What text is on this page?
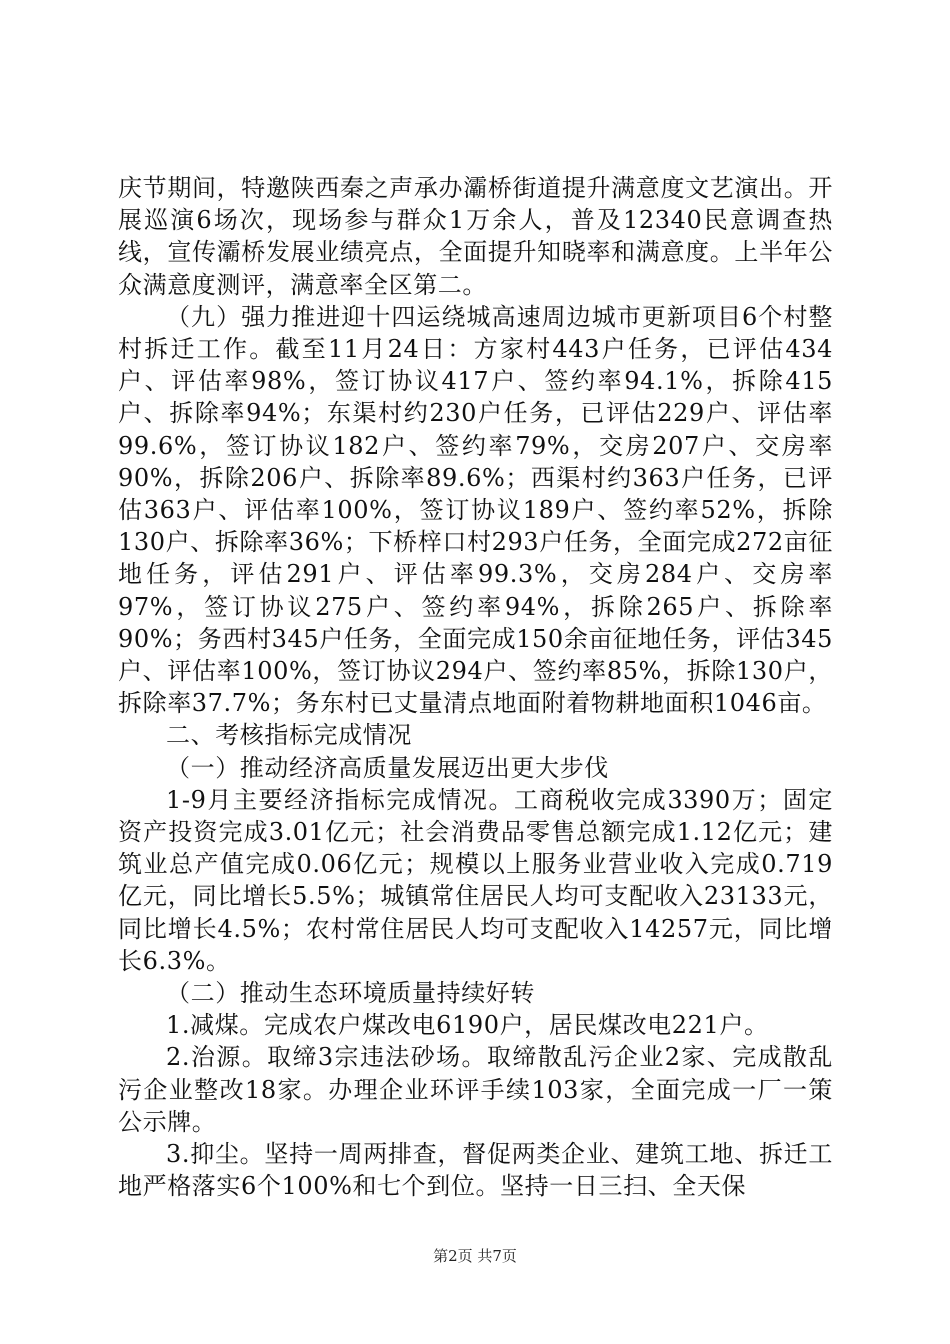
庆节期间，特邀陕西秦之声承办灞桥街道提升满意度文艺演出。开展巡演6场次，现场参与群众1万余人，普及12340民意调查热线，宣传灞桥发展业绩亮点，全面提升知晓率和满意度。上半年公众满意度测评，满意率全区第二。

（九）强力推进迎十四运绕城高速周边城市更新项目6个村整村拆迁工作。截至11月24日：方家村443户任务，已评估434户、评估率98%，签订协议417户、签约率94.1%，拆除415户、拆除率94%；东渠村约230户任务，已评估229户、评估率99.6%，签订协议182户、签约率79%，交房207户、交房率90%，拆除206户、拆除率89.6%；西渠村约363户任务，已评估363户、评估率100%，签订协议189户、签约率52%，拆除130户、拆除率36%；下桥梓口村293户任务，全面完成272亩征地任务，评估291户、评估率99.3%，交房284户、交房率97%，签订协议275户、签约率94%，拆除265户、拆除率90%；务西村345户任务，全面完成150余亩征地任务，评估345户、评估率100%，签订协议294户、签约率85%，拆除130户，拆除率37.7%；务东村已丈量清点地面附着物耕地面积1046亩。

二、考核指标完成情况

（一）推动经济高质量发展迈出更大步伐

1-9月主要经济指标完成情况。工商税收完成3390万；固定资产投资完成3.01亿元；社会消费品零售总额完成1.12亿元；建筑业总产值完成0.06亿元；规模以上服务业营业收入完成0.719亿元，同比增长5.5%；城镇常住居民人均可支配收入23133元，同比增长4.5%；农村常住居民人均可支配收入14257元，同比增长6.3%。

（二）推动生态环境质量持续好转

1.减煤。完成农户煤改电6190户，居民煤改电221户。

2.治源。取缔3宗违法砂场。取缔散乱污企业2家、完成散乱污企业整改18家。办理企业环评手续103家，全面完成一厂一策公示牌。

3.抑尘。坚持一周两排查，督促两类企业、建筑工地、拆迁工地严格落实6个100%和七个到位。坚持一日三扫、全天保

第2页 共7页
